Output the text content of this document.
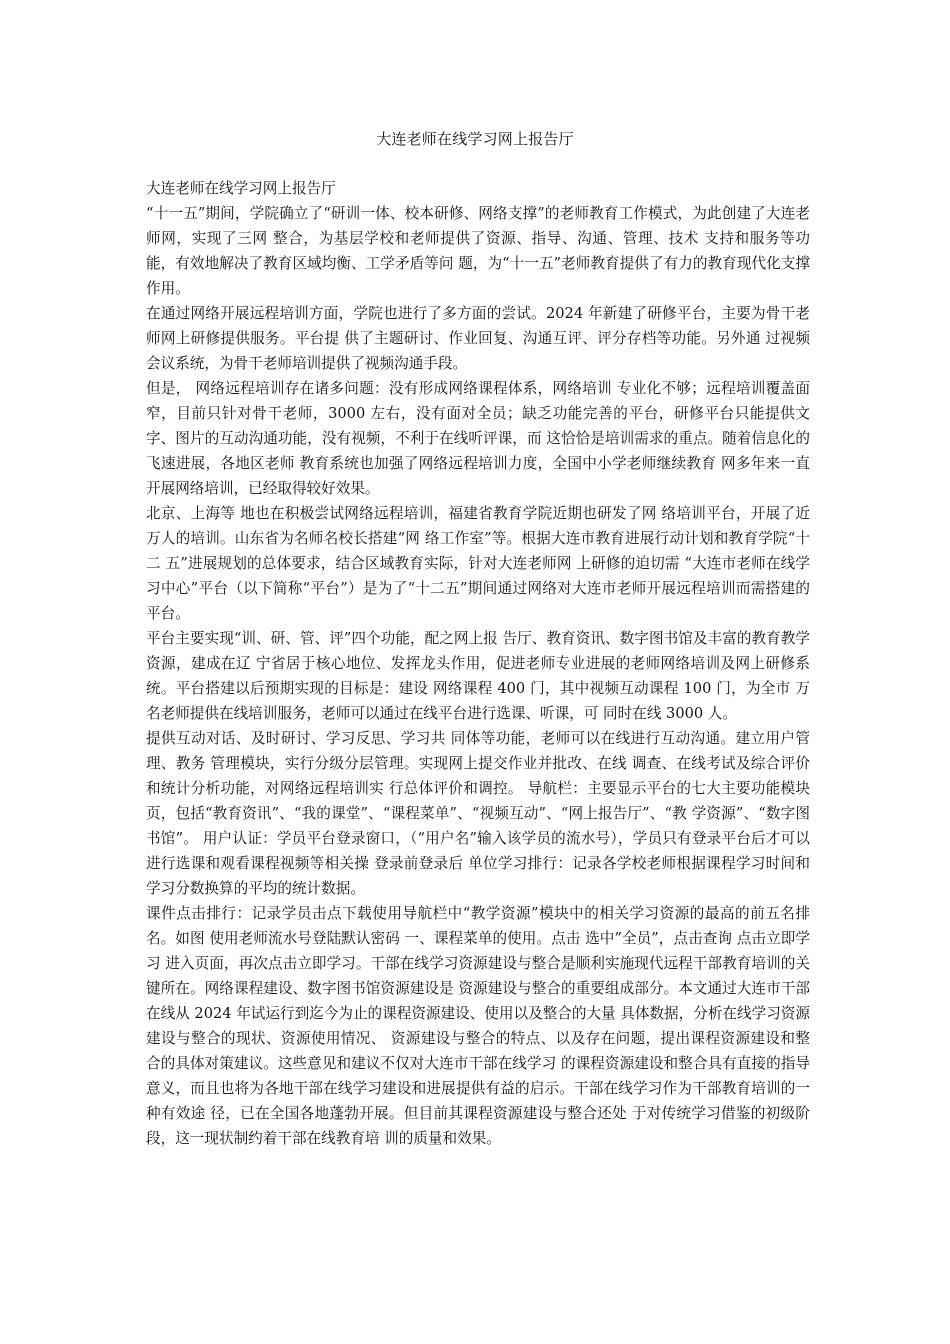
大连老师在线学习网上报告厅

大连老师在线学习网上报告厅

“十一五”期间，学院确立了“研训一体、校本研修、网络支撑”的老师教育工作模式，为此创建了大连老师网，实现了三网 整合，为基层学校和老师提供了资源、指导、沟通、管理、技术 支持和服务等功能，有效地解决了教育区域均衡、工学矛盾等问 题，为“十一五”老师教育提供了有力的教育现代化支撑作用。

在通过网络开展远程培训方面，学院也进行了多方面的尝试。2024 年新建了研修平台，主要为骨干老师网上研修提供服务。平台提 供了主题研讨、作业回复、沟通互评、评分存档等功能。另外通 过视频会议系统，为骨干老师培训提供了视频沟通手段。

但是， 网络远程培训存在诸多问题：没有形成网络课程体系，网络培训 专业化不够；远程培训覆盖面窄，目前只针对骨干老师，3000 左右，没有面对全员；缺乏功能完善的平台，研修平台只能提供文字、图片的互动沟通功能，没有视频，不利于在线听评课，而 这恰恰是培训需求的重点。随着信息化的飞速进展，各地区老师 教育系统也加强了网络远程培训力度，全国中小学老师继续教育 网多年来一直开展网络培训，已经取得较好效果。

北京、上海等 地也在积极尝试网络远程培训，福建省教育学院近期也研发了网 络培训平台，开展了近万人的培训。山东省为名师名校长搭建“网 络工作室”等。根据大连市教育进展行动计划和教育学院“十二 五”进展规划的总体要求，结合区域教育实际，针对大连老师网 上研修的迫切需 “大连市老师在线学习中心”平台（以下简称“平台”）是为了“十二五”期间通过网络对大连市老师开展远程培训而需搭建的 平台。

平台主要实现“训、研、管、评”四个功能，配之网上报 告厅、教育资讯、数字图书馆及丰富的教育教学资源，建成在辽 宁省居于核心地位、发挥龙头作用，促进老师专业进展的老师网络培训及网上研修系统。平台搭建以后预期实现的目标是：建设 网络课程 400 门，其中视频互动课程 100 门，为全市 万名老师提供在线培训服务，老师可以通过在线平台进行选课、听课，可 同时在线 3000 人。

提供互动对话、及时研讨、学习反思、学习共 同体等功能，老师可以在线进行互动沟通。建立用户管理、教务 管理模块，实行分级分层管理。实现网上提交作业并批改、在线 调查、在线考试及综合评价和统计分析功能，对网络远程培训实 行总体评价和调控。 导航栏：主要显示平台的七大主要功能模块页，包括“教育资讯”、“我的课堂”、“课程菜单”、“视频互动”、“网上报告厅”、“教 学资源”、“数字图书馆”。 用户认证：学员平台登录窗口，（“用户名”输入该学员的流水号），学员只有登录平台后才可以进行选课和观看课程视频等相关操 登录前登录后 单位学习排行：记录各学校老师根据课程学习时间和学习分数换算的平均的统计数据。

课件点击排行：记录学员击点下载使用导航栏中“教学资源”模块中的相关学习资源的最高的前五名排名。如图 使用老师流水号登陆默认密码 一、课程菜单的使用。点击 选中”全员”，点击查询 点击立即学习 进入页面，再次点击立即学习。干部在线学习资源建设与整合是顺利实施现代远程干部教育培训的关键所在。网络课程建设、数字图书馆资源建设是 资源建设与整合的重要组成部分。本文通过大连市干部在线从 2024 年试运行到迄今为止的课程资源建设、使用以及整合的大量 具体数据，分析在线学习资源建设与整合的现状、资源使用情况、 资源建设与整合的特点、以及存在问题，提出课程资源建设和整 合的具体对策建议。这些意见和建议不仅对大连市干部在线学习 的课程资源建设和整合具有直接的指导意义，而且也将为各地干部在线学习建设和进展提供有益的启示。干部在线学习作为干部教育培训的一种有效途 径，已在全国各地蓬勃开展。但目前其课程资源建设与整合还处 于对传统学习借鉴的初级阶段，这一现状制约着干部在线教育培 训的质量和效果。
